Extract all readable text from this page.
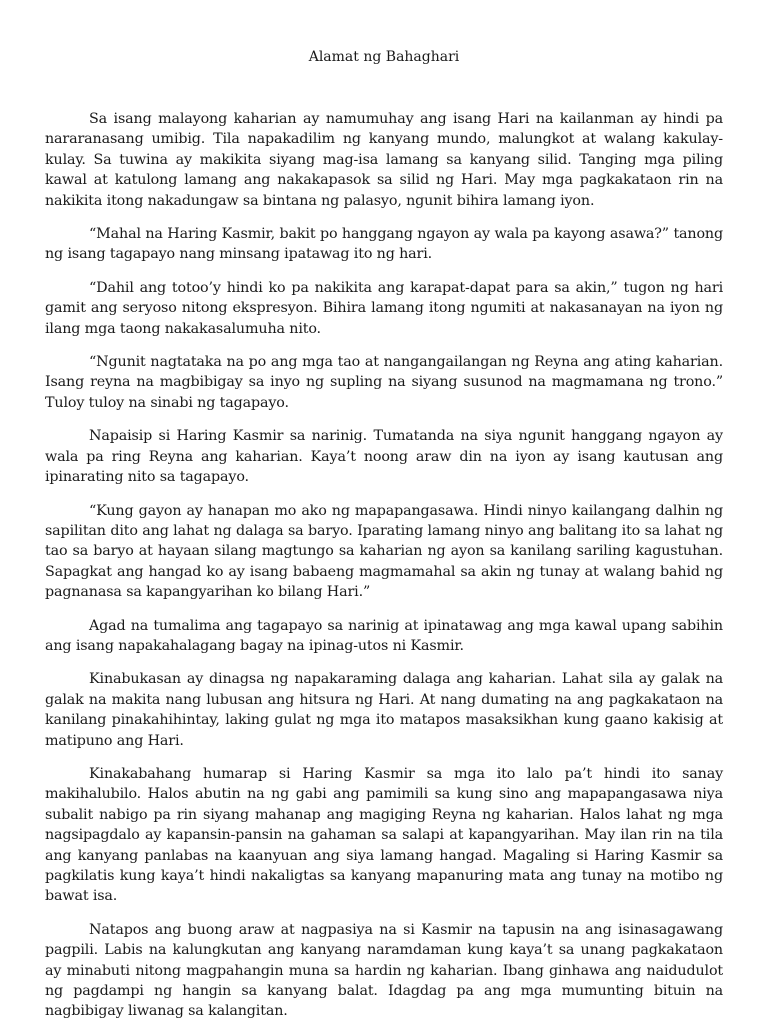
Alamat ng Bahaghari

Sa isang malayong kaharian ay namumuhay ang isang Hari na kailanman ay hindi pa nararanasang umibig. Tila napakadilim ng kanyang mundo, malungkot at walang kakulay-kulay. Sa tuwina ay makikita siyang mag-isa lamang sa kanyang silid. Tanging mga piling kawal at katulong lamang ang nakakapasok sa silid ng Hari. May mga pagkakataon rin na nakikita itong nakadungaw sa bintana ng palasyo, ngunit bihira lamang iyon.

“Mahal na Haring Kasmir, bakit po hanggang ngayon ay wala pa kayong asawa?” tanong ng isang tagapayo nang minsang ipatawag ito ng hari.

“Dahil ang totoo’y hindi ko pa nakikita ang karapat-dapat para sa akin,” tugon ng hari gamit ang seryoso nitong ekspresyon. Bihira lamang itong ngumiti at nakasanayan na iyon ng ilang mga taong nakakasalumuha nito.

“Ngunit nagtataka na po ang mga tao at nangangailangan ng Reyna ang ating kaharian. Isang reyna na magbibigay sa inyo ng supling na siyang susunod na magmamana ng trono.” Tuloy tuloy na sinabi ng tagapayo.

Napaisip si Haring Kasmir sa narinig. Tumatanda na siya ngunit hanggang ngayon ay wala pa ring Reyna ang kaharian. Kaya’t noong araw din na iyon ay isang kautusan ang ipinarating nito sa tagapayo.

“Kung gayon ay hanapan mo ako ng mapapangasawa. Hindi ninyo kailangang dalhin ng sapilitan dito ang lahat ng dalaga sa baryo. Iparating lamang ninyo ang balitang ito sa lahat ng tao sa baryo at hayaan silang magtungo sa kaharian ng ayon sa kanilang sariling kagustuhan. Sapagkat ang hangad ko ay isang babaeng magmamahal sa akin ng tunay at walang bahid ng pagnanasa sa kapangyarihan ko bilang Hari.”

Agad na tumalima ang tagapayo sa narinig at ipinatawag ang mga kawal upang sabihin ang isang napakahalagang bagay na ipinag-utos ni Kasmir.

Kinabukasan ay dinagsa ng napakaraming dalaga ang kaharian. Lahat sila ay galak na galak na makita nang lubusan ang hitsura ng Hari. At nang dumating na ang pagkakataon na kanilang pinakahihintay, laking gulat ng mga ito matapos masaksikhan kung gaano kakisig at matipuno ang Hari.

Kinakabahang humarap si Haring Kasmir sa mga ito lalo pa’t hindi ito sanay makihalubilo. Halos abutin na ng gabi ang pamimili sa kung sino ang mapapangasawa niya subalit nabigo pa rin siyang mahanap ang magiging Reyna ng kaharian. Halos lahat ng mga nagsipagdalo ay kapansin-pansin na gahaman sa salapi at kapangyarihan. May ilan rin na tila ang kanyang panlabas na kaanyuan ang siya lamang hangad. Magaling si Haring Kasmir sa pagkilatis kung kaya’t hindi nakaligtas sa kanyang mapanuring mata ang tunay na motibo ng bawat isa.

Natapos ang buong araw at nagpasiya na si Kasmir na tapusin na ang isinasagawang pagpili. Labis na kalungkutan ang kanyang naramdaman kung kaya’t sa unang pagkakataon ay minabuti nitong magpahangin muna sa hardin ng kaharian. Ibang ginhawa ang naidudulot ng pagdampi ng hangin sa kanyang balat. Idagdag pa ang mga mumunting bituin na nagbibigay liwanag sa kalangitan.
